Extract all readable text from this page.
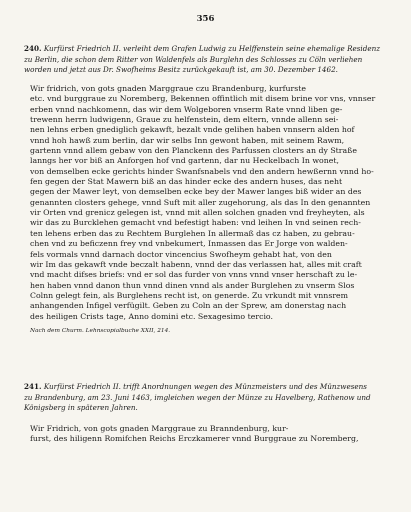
356
240. Kurfürst Friedrich II. verleiht dem Grafen Ludwig zu Helffenstein seine ehemalige Residenz
zu Berlin, die schon dem Ritter von Waldenfels als Burglehn des Schlosses zu Cöln verliehen
worden und jetzt aus Dr. Swofheims Besitz zurückgekauft ist, am 30. Dezember 1462.
Wir fridrich, von gots gnaden Marggraue czu Brandenburg, kurfurste
etc. vnd burggraue zu Noremberg, Bekennen offintlich mit disem brine vor vns, vnnser
erben vnnd nachkomenn, das wir dem Wolgeboren vnserm Rate vnnd liben ge-
trewenn herrn ludwigenn, Graue zu helfenstein, dem eltern, vnnde allenn sei-
nen lehns erben gnediglich gekawft, bezalt vnde gelihen haben vnnsern alden hof
vnnd hoh hawß zum berlin, dar wir selbs Inn gewont haben, mit seinem Rawm,
gartenn vnnd allem gebaw von den Planckenn des Parfussen closters an dy Straße
lanngs her vor biß an Anforgen hof vnd gartenn, dar nu Heckelbach In wonet,
von demselben ecke gerichts hinder Swanfsnabels vnd den andern hewßernn vnnd ho-
fen gegen der Stat Mawern biß an das hinder ecke des andern huses, das neht
gegen der Mawer leyt, von demselben ecke bey der Mawer langes biß wider an des
genannten closters gehege, vnnd Suft mit aller zugehorung, als das In den genannten
vir Orten vnd grenicz gelegen ist, vnnd mit allen solchen gnaden vnd freyheyten, als
wir das zu Burcklehen gemacht vnd befestigt haben: vnd leihen In vnd seinen rech-
ten lehens erben das zu Rechtem Burglehen In allermaß das cz haben, zu gebrau-
chen vnd zu beficzenn frey vnd vnbekumert, Inmassen das Er Jorge von walden-
fels vormals vnnd darnach doctor vincencius Swofheym gehabt hat, von den
wir Im das gekawft vnde beczalt habenn, vnnd der das verlassen hat, alles mit craft
vnd macht difses briefs: vnd er sol das furder von vnns vnnd vnser herschaft zu le-
hen haben vnnd danon thun vnnd dinen vnnd als ander Burglehen zu vnserm Slos
Colnn gelegt fein, als Burglehens recht ist, on generde. Zu vrkundt mit vnnsrem
anhangenden Infigel verfügilt. Geben zu Coln an der Sprew, am donerstag nach
des heiligen Crists tage, Anno domini etc. Sexagesimo tercio.
Nach dem Churm. Lehnscopialbuche XXII, 214.
241. Kurfürst Friedrich II. trifft Anordnungen wegen des Münzmeisters und des Münzwesens
zu Brandenburg, am 23. Juni 1463, imgleichen wegen der Münze zu Havelberg, Rathenow und
Königsberg in späteren Jahren.
Wir Fridrich, von gots gnaden Marggraue zu Branndenburg, kur-
furst, des hiligenn Romifchen Reichs Erczkamerer vnnd Burggraue zu Noremberg,
